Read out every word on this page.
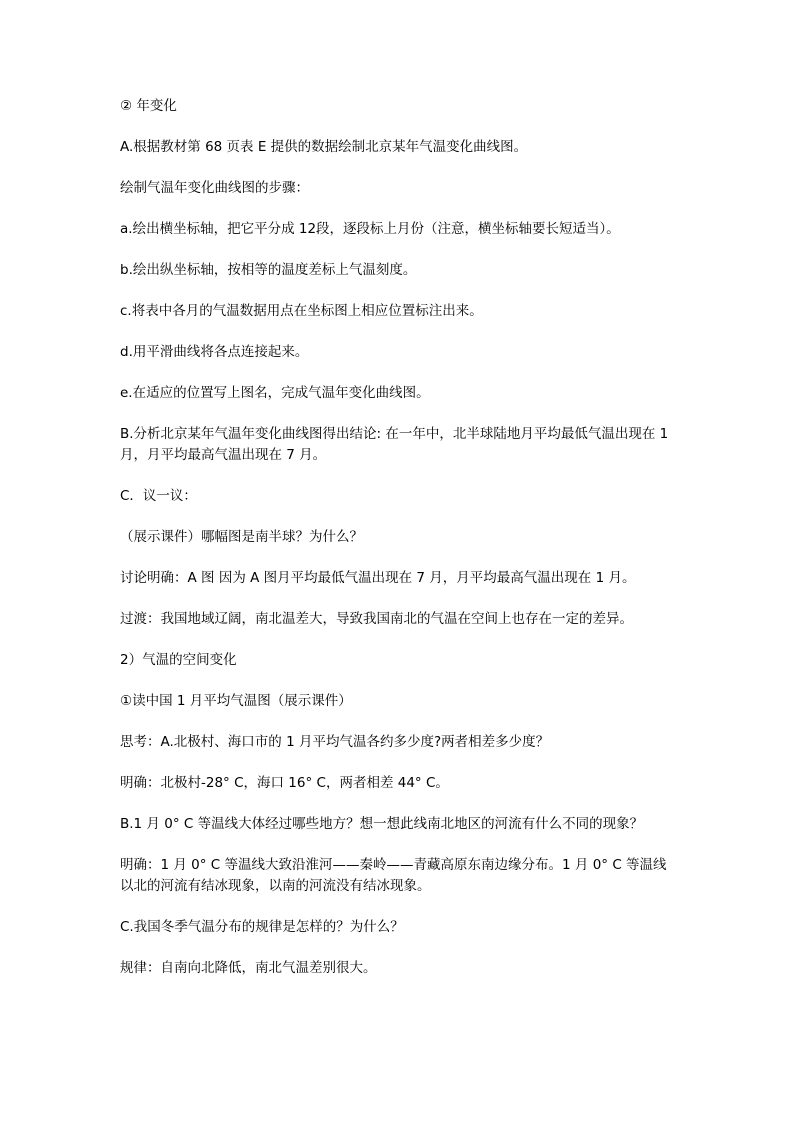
② 年变化

A.根据教材第 68 页表 E 提供的数据绘制北京某年气温变化曲线图。

绘制气温年变化曲线图的步骤：

a.绘出横坐标轴，把它平分成 12段，逐段标上月份（注意，横坐标轴要长短适当）。

b.绘出纵坐标轴，按相等的温度差标上气温刻度。

c.将表中各月的气温数据用点在坐标图上相应位置标注出来。

d.用平滑曲线将各点连接起来。

e.在适应的位置写上图名，完成气温年变化曲线图。

B.分析北京某年气温年变化曲线图得出结论: 在一年中，北半球陆地月平均最低气温出现在 1 月，月平均最高气温出现在 7 月。

C．议一议：

（展示课件）哪幅图是南半球？为什么？

讨论明确：A 图 因为 A 图月平均最低气温出现在 7 月，月平均最高气温出现在 1 月。

过渡：我国地域辽阔，南北温差大，导致我国南北的气温在空间上也存在一定的差异。

2）气温的空间变化

①读中国 1 月平均气温图（展示课件）

思考：A.北极村、海口市的 1 月平均气温各约多少度?两者相差多少度？

明确：北极村-28° C，海口 16° C，两者相差 44° C。

B.1 月 0° C 等温线大体经过哪些地方？想一想此线南北地区的河流有什么不同的现象？

明确：1 月 0° C 等温线大致沿淮河——秦岭——青藏高原东南边缘分布。1 月 0° C 等温线以北的河流有结冰现象，以南的河流没有结冰现象。

C.我国冬季气温分布的规律是怎样的？为什么？

规律：自南向北降低，南北气温差别很大。
